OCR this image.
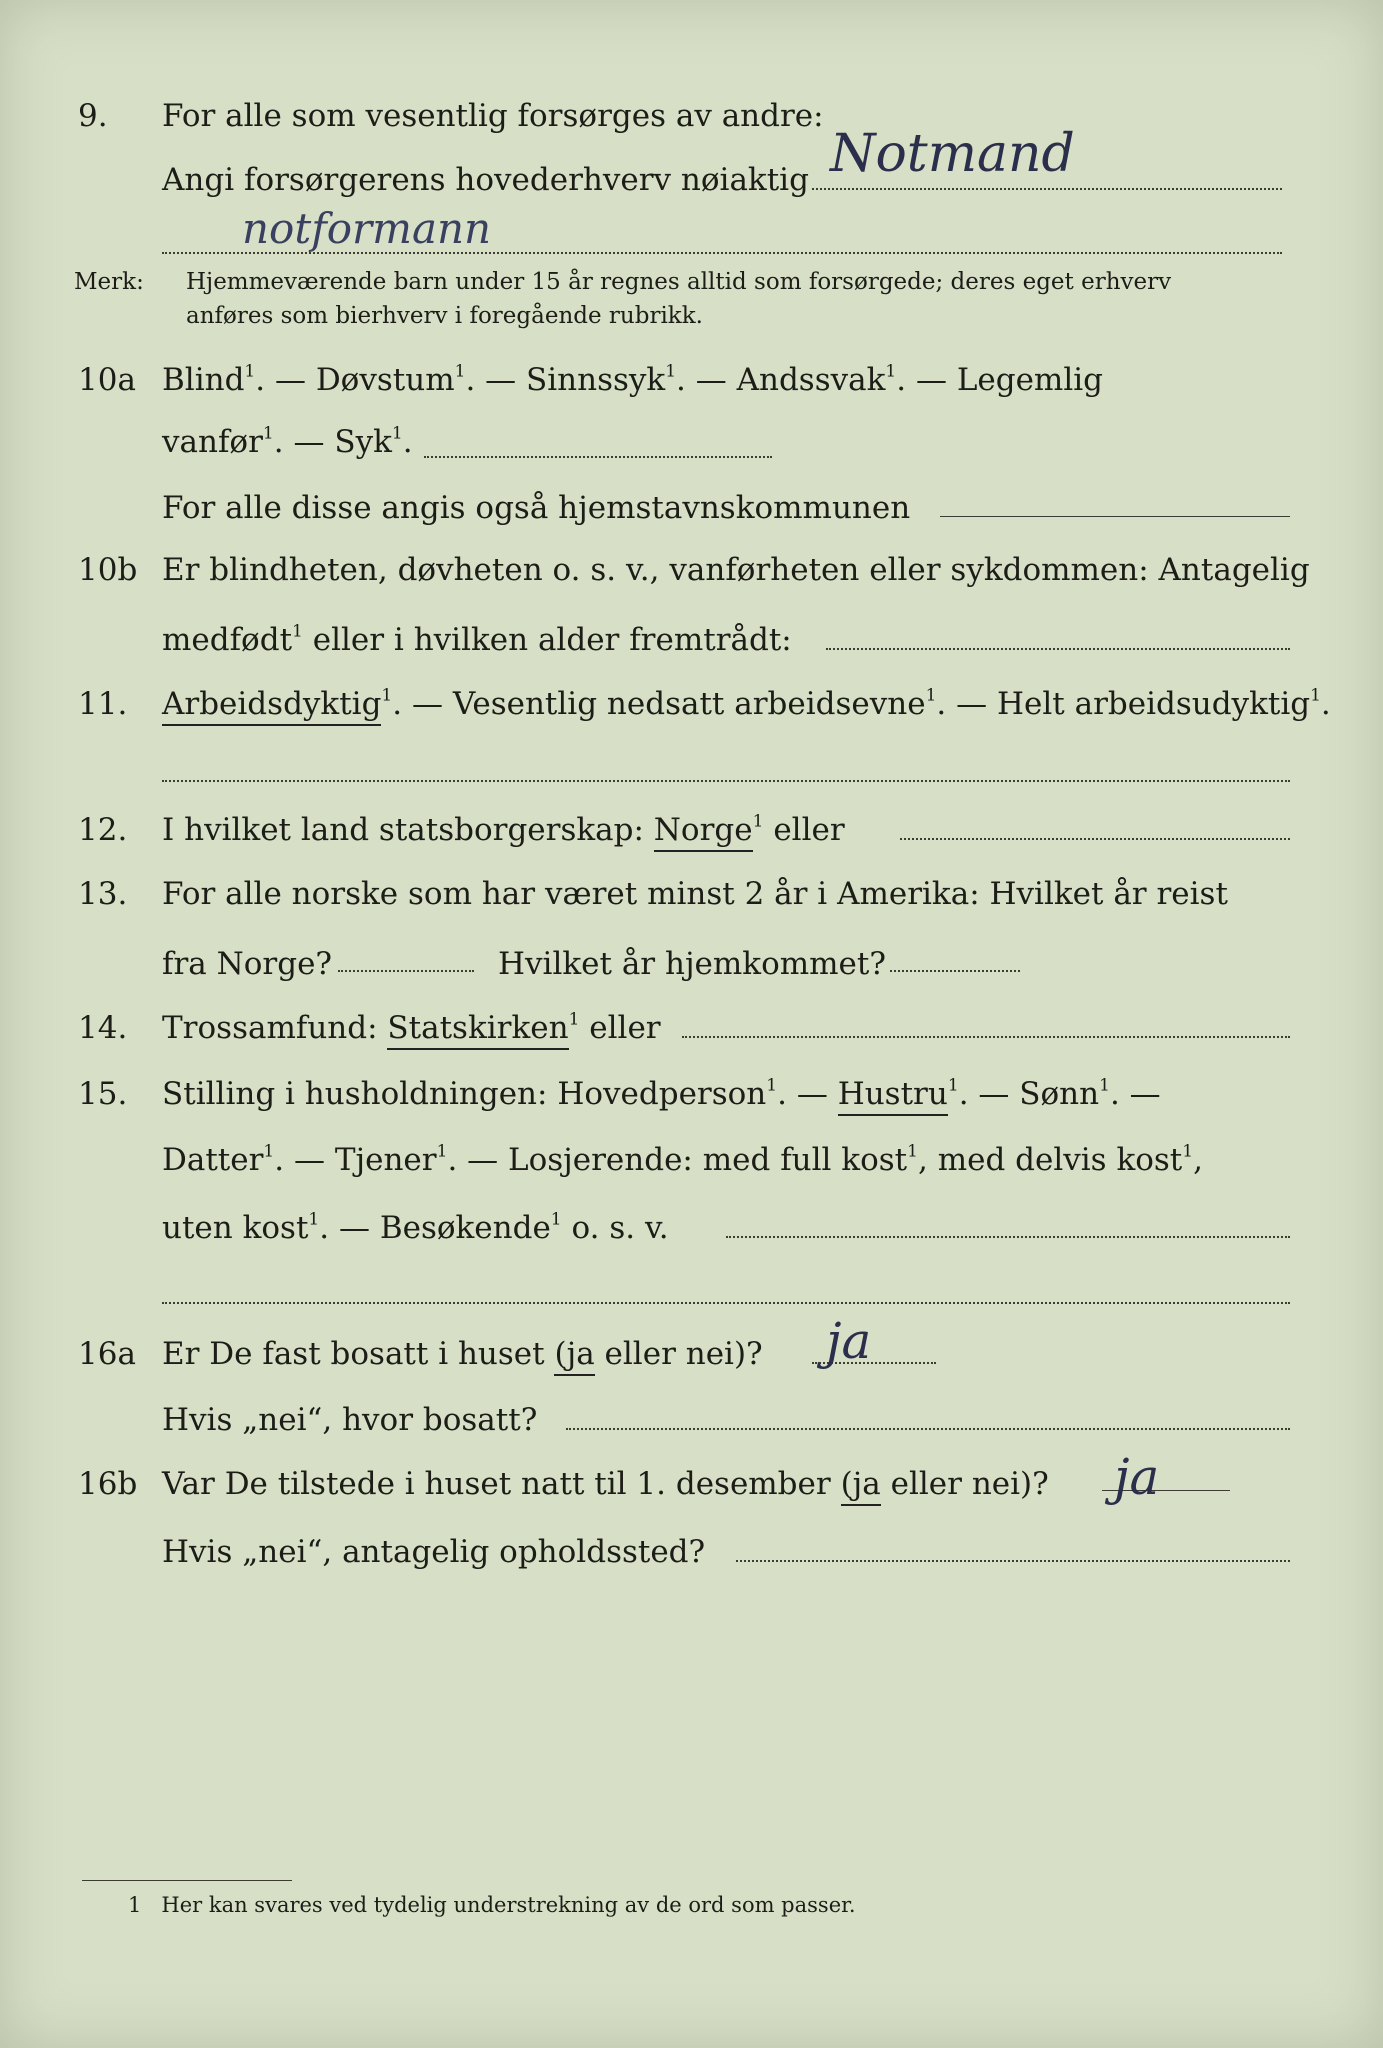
9. For alle som vesentlig forsørges av andre:
Angi forsørgerens hovederhverv nøiaktig Notmand
notformann
Merk: Hjemmeværende barn under 15 år regnes alltid som forsørgede; deres eget erhverv
anføres som bierhverv i foregående rubrikk.
10a Blind$^1$. — Døvstum$^1$. — Sinnssyk$^1$. — Andssvak$^1$. — Legemlig
vanfør$^1$. — Syk$^1$.
For alle disse angis også hjemstavnskommunen
10b Er blindheten, døvheten o. s. v., vanførheten eller sykdommen: Antagelig
medfødt$^1$ eller i hvilken alder fremtrådt:
11. Arbeidsdyktig$^1$. — Vesentlig nedsatt arbeidsevne$^1$. — Helt arbeidsudyktig$^1$.
12. I hvilket land statsborgerskap: Norge$^1$ eller
13. For alle norske som har været minst 2 år i Amerika: Hvilket år reist
fra Norge?	Hvilket år hjemkommet?
14. Trossamfund: Statskirken$^1$ eller
15. Stilling i husholdningen: Hovedperson$^1$. — Hustru$^1$. — Sønn$^1$. —
Datter$^1$. — Tjener$^1$. — Losjerende: med full kost$^1$, med delvis kost$^1$,
uten kost$^1$. — Besøkende$^1$ o. s. v.
16a Er De fast bosatt i huset (ja eller nei)? ja
Hvis „nei“, hvor bosatt?
16b Var De tilstede i huset natt til 1. desember (ja eller nei)? ja
Hvis „nei“, antagelig opholdssted?
1 Her kan svares ved tydelig understrekning av de ord som passer.
